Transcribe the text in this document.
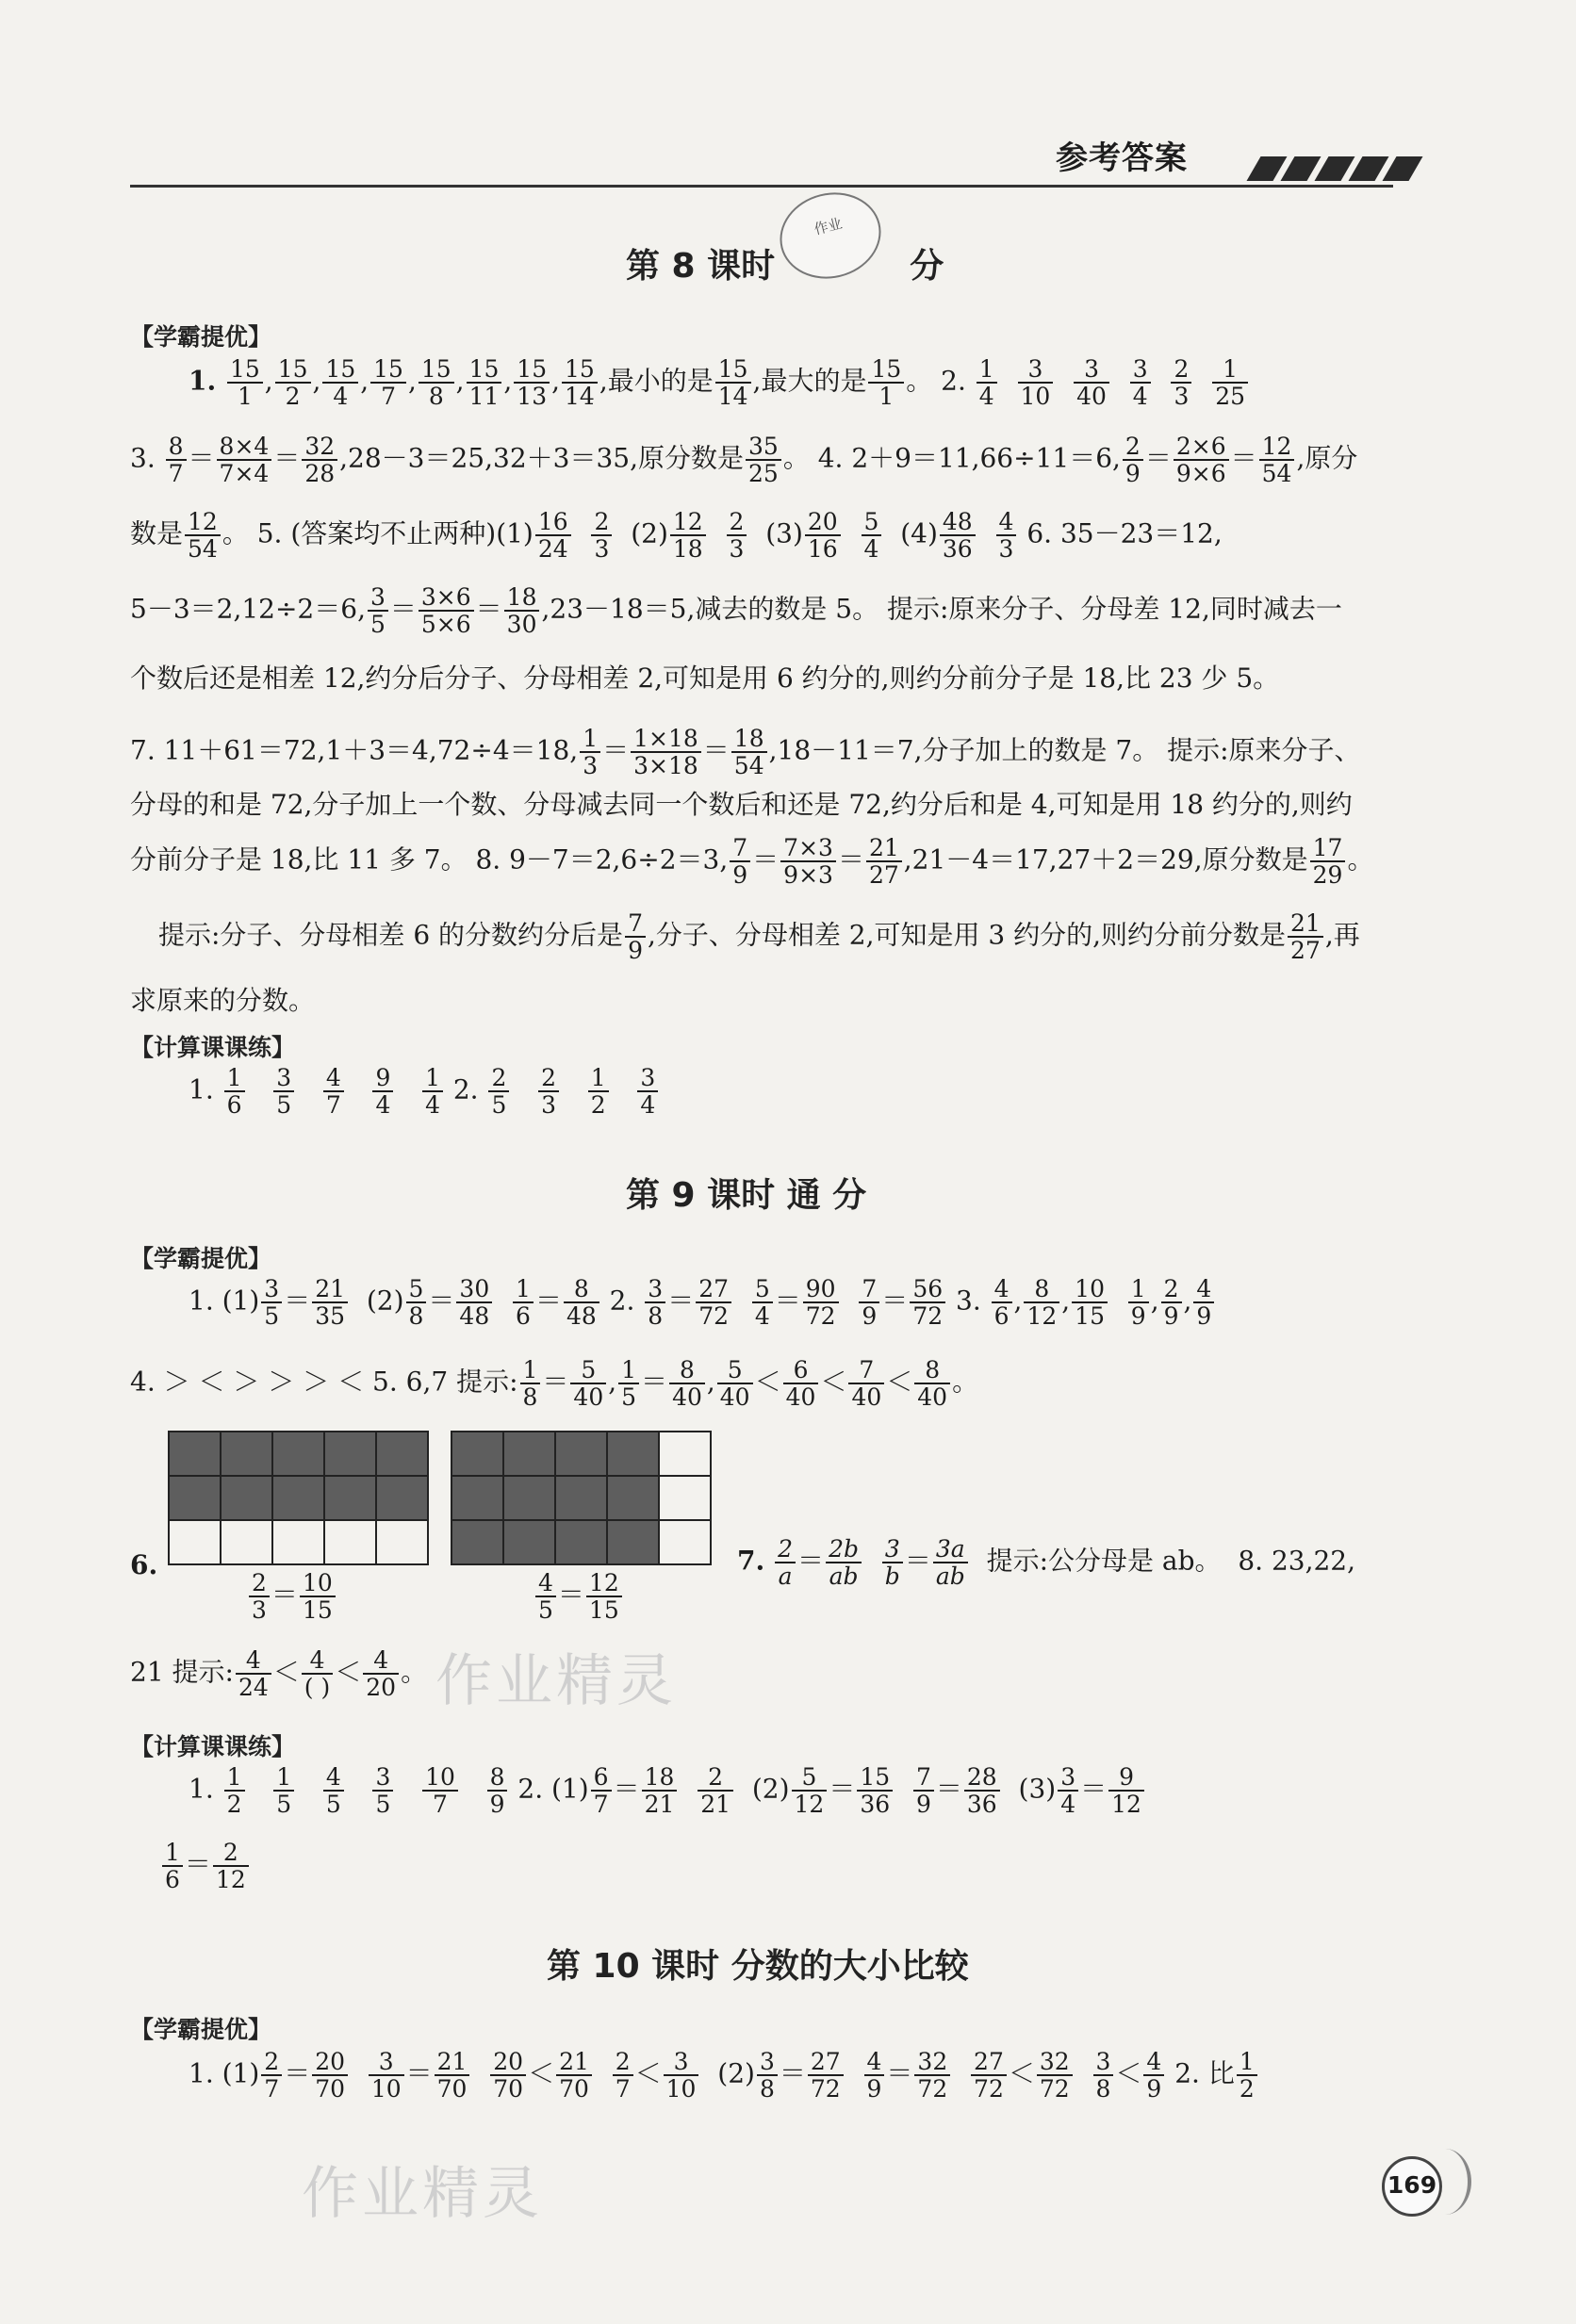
参考答案
第 8 课时	分
作业
【学霸提优】
1. $\frac{15}{1}$ , $\frac{15}{2}$ , $\frac{15}{4}$ , $\frac{15}{7}$ , $\frac{15}{8}$ , $\frac{15}{11}$ , $\frac{15}{13}$ , $\frac{15}{14}$ ,最小的是 $\frac{15}{14}$ ,最大的是 $\frac{15}{1}$ 。 2. $\frac{1}{4}$
$\frac{3}{10}$
$\frac{3}{40}$
$\frac{3}{4}$
$\frac{2}{3}$
$\frac{1}{25}$
3. $\frac{8}{7} = \frac{8\times 4}{7\times 4} = \frac{32}{28} ,28-3=25,32+3=35$,原分数是 $\frac{35}{25}$ 。 4. 2＋9＝11,66÷11＝6, $\frac{2}{9} = \frac{2\times 6}{9\times 6} = \frac{12}{54}$ ,原分
数是 $\frac{12}{54}$ 。 5. (答案均不止两种)$(1) \frac{16}{24}$
$\frac{2}{3} (2) \frac{12}{18}$
$\frac{2}{3} (3) \frac{20}{16}$
$\frac{5}{4} (4) \frac{48}{36}$
$\frac{4}{3} 6$. 35－23＝12,
5－3＝2,12÷2＝6, $\frac{3}{5} = \frac{3\times 6}{5\times 6} = \frac{18}{30} ,23-18=5$,减去的数是 5。 提示:原来分子、分母差 12,同时减去一
个数后还是相差 12,约分后分子、分母相差 2,可知是用 6 约分的,则约分前分子是 18,比 23 少 5。
7. 11＋61＝72,1＋3＝4,72÷4＝18, $\frac{1}{3} = \frac{1\times 18}{3\times 18} = \frac{18}{54} ,18-11=7$,分子加上的数是 7。 提示:原来分子、
分母的和是 72,分子加上一个数、分母减去同一个数后和还是 72,约分后和是 4,可知是用 18 约分的,则约
分前分子是 18,比 11 多 7。 8. 9－7＝2,6÷2＝3, $\frac{7}{9} = \frac{7\times 3}{9\times 3} = \frac{21}{27} ,21-4=17,27+2=29$,原分数是 $\frac{17}{29}$ 。
提示:分子、分母相差 6 的分数约分后是 $\frac{7}{9}$ ,分子、分母相差 2,可知是用 3 约分的,则约分前分数是 $\frac{21}{27}$ ,再
求原来的分数。
【计算课课练】
1. $\frac{1}{6}$
$\frac{3}{5}$
$\frac{4}{7}$
$\frac{9}{4}$
$\frac{1}{4} 2$. $\frac{2}{5}$
$\frac{2}{3}$
$\frac{1}{2}$
$\frac{3}{4}$
第 9 课时 通 分
【学霸提优】
1. $(1) \frac{3}{5} = \frac{21}{35} (2) \frac{5}{8} = \frac{30}{48}$
$\frac{1}{6} = \frac{8}{48} 2$. $\frac{3}{8} = \frac{27}{72}$
$\frac{5}{4} = \frac{90}{72}$
$\frac{7}{9} = \frac{56}{72} 3$. $\frac{4}{6}$ , $\frac{8}{12}$ , $\frac{10}{15}$
$\frac{1}{9}$ , $\frac{2}{9}$ , $\frac{4}{9}$
4. ＞ ＜ ＞ ＞ ＞ ＜ 5. 6,7 提示: $\frac{1}{8} = \frac{5}{40}$ , $\frac{1}{5} = \frac{8}{40}$ , $\frac{5}{40} < \frac{6}{40} < \frac{7}{40} < \frac{8}{40}$ 。

6.
$\frac{2}{3} = \frac{10}{15}$	$\frac{4}{5} = \frac{12}{15}$
7. $\frac{2}{a} = \frac{2b}{ab}$
$\frac{3}{b} = \frac{3a}{ab}$ 提示:公分母是 ab。 8. 23,22,
21 提示: $\frac{4}{24} < 4$
( ) ＜ $\frac{4}{20}$ 。
【计算课课练】
1. $\frac{1}{2}$
$\frac{1}{5}$
$\frac{4}{5}$
$\frac{3}{5}$
$\frac{10}{7}$
$\frac{8}{9} 2$. $(1) \frac{6}{7} = \frac{18}{21}$
$\frac{2}{21} (2) \frac{5}{12} = \frac{15}{36}$
$\frac{7}{9} = \frac{28}{36} (3) \frac{3}{4} = \frac{9}{12}$
$\frac{1}{6} = \frac{2}{12}$
第 10 课时 分数的大小比较
【学霸提优】
1. $(1) \frac{2}{7} = \frac{20}{70}$
$\frac{3}{10} = \frac{21}{70}$
$\frac{20}{70} < \frac{21}{70}$
$\frac{2}{7} < \frac{3}{10} (2) \frac{3}{8} = \frac{27}{72}$
$\frac{4}{9} = \frac{32}{72}$
$\frac{27}{72} < \frac{32}{72}$
$\frac{3}{8} < \frac{4}{9} 2$. 比 $\frac{1}{2}$
作业精灵
作业精灵	169
